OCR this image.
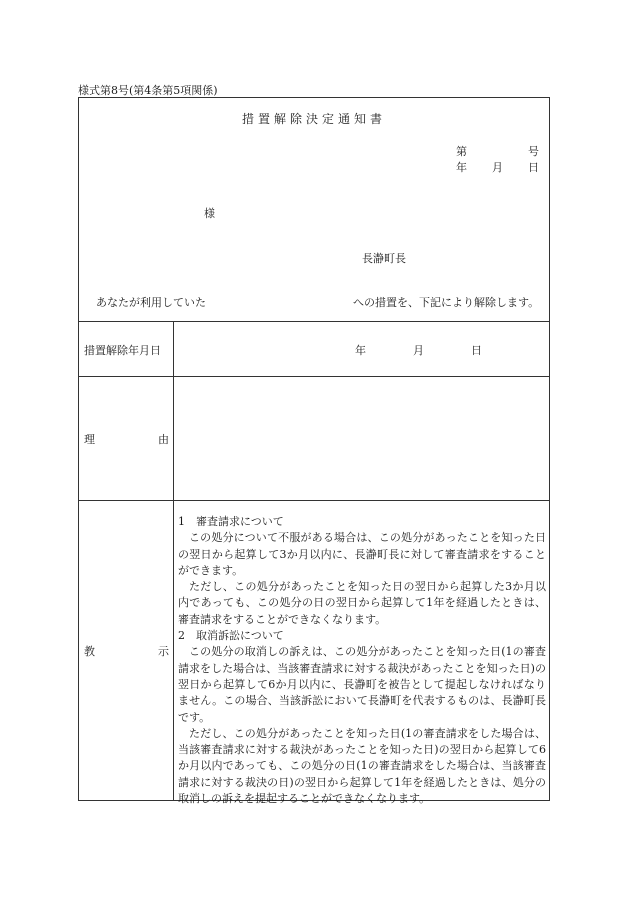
様式第8号(第4条第5項関係)
措置解除決定通知書
第	号
年 月 日
様
長瀞町長
あなたが利用していた	への措置を、下記により解除します。
措置解除年月日	年	月	日
理	由
教	示

1　審査請求について

この処分について不服がある場合は、この処分があったことを知った日の翌日から起算して3か月以内に、長瀞町長に対して審査請求をすることができます。

ただし、この処分があったことを知った日の翌日から起算した3か月以内であっても、この処分の日の翌日から起算して1年を経過したときは、審査請求をすることができなくなります。

2　取消訴訟について

この処分の取消しの訴えは、この処分があったことを知った日(1の審査請求をした場合は、当該審査請求に対する裁決があったことを知った日)の翌日から起算して6か月以内に、長瀞町を被告として提起しなければなりません。この場合、当該訴訟において長瀞町を代表するものは、長瀞町長です。

ただし、この処分があったことを知った日(1の審査請求をした場合は、当該審査請求に対する裁決があったことを知った日)の翌日から起算して6か月以内であっても、この処分の日(1の審査請求をした場合は、当該審査請求に対する裁決の日)の翌日から起算して1年を経過したときは、処分の取消しの訴えを提起することができなくなります。
